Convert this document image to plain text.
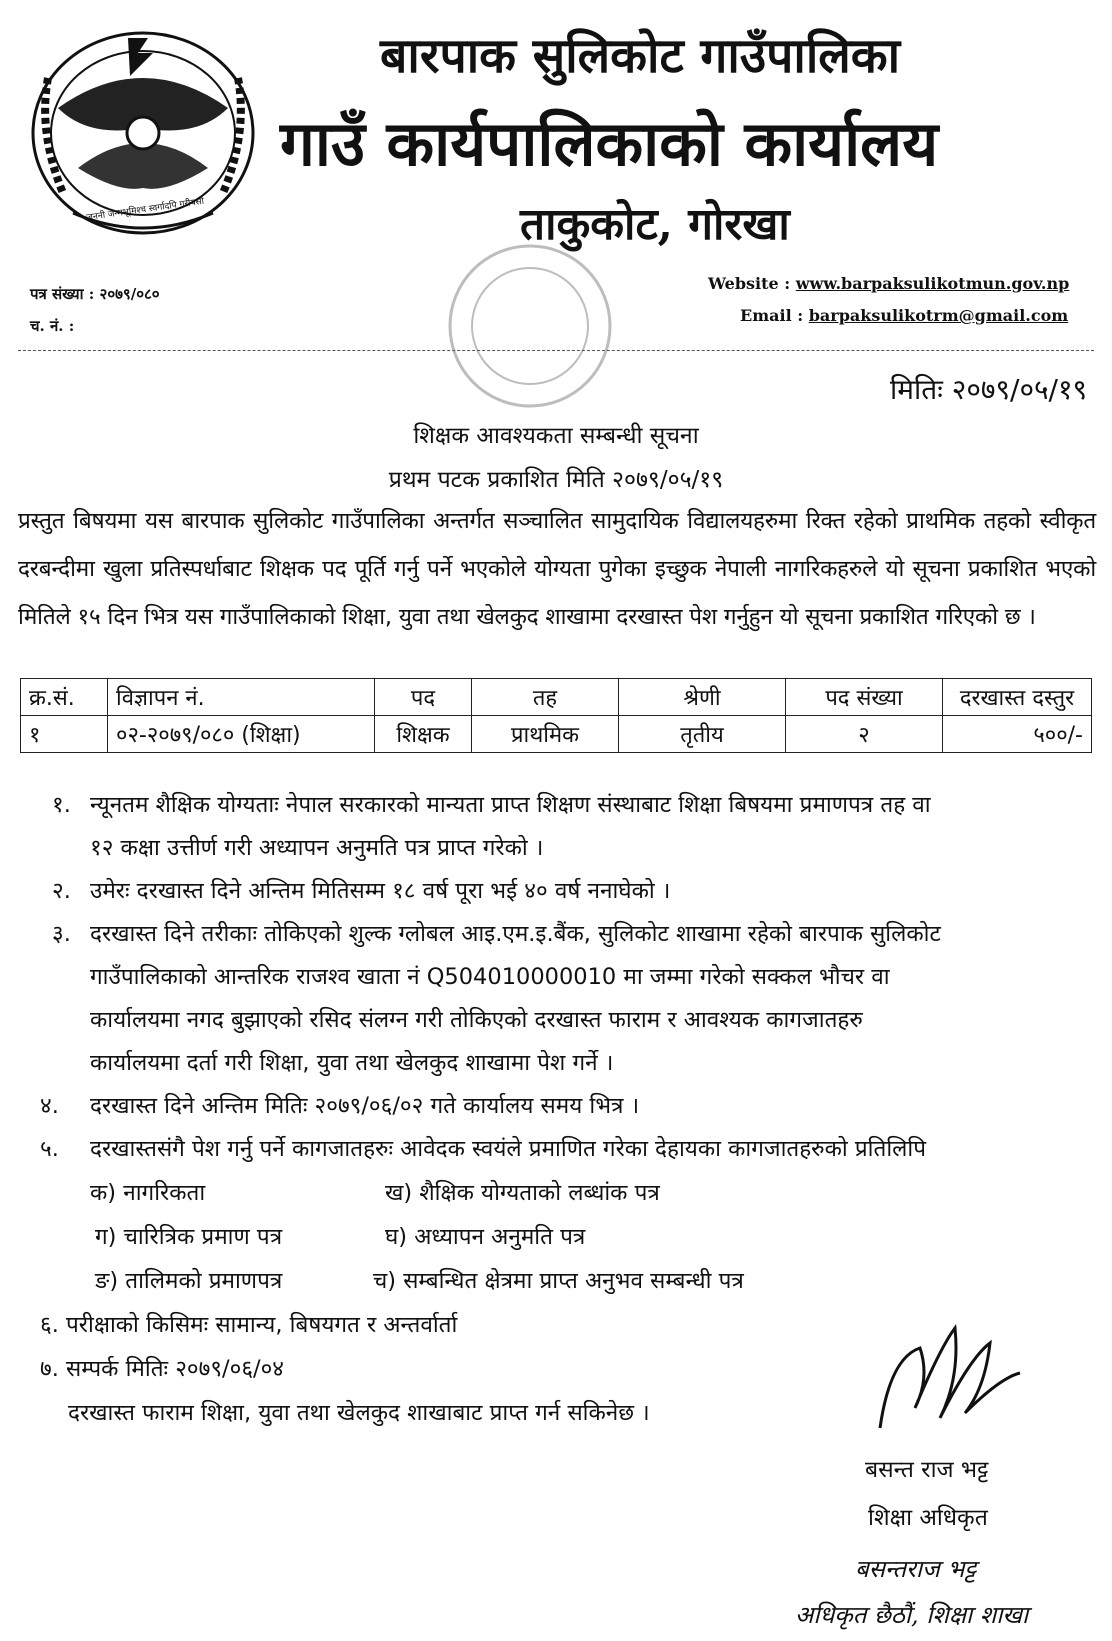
जननी जन्मभूमिश्च स्वर्गादपि गरीयसी
बारपाक सुलिकोट गाउँपालिका
गाउँ कार्यपालिकाको कार्यालय
ताकुकोट, गोरखा
पत्र संख्या : २०७९/०८०
च. नं. :
Website : www.barpaksulikotmun.gov.np
Email : barpaksulikotrm@gmail.com
मितिः २०७९/०५/१९
शिक्षक आवश्यकता सम्बन्धी सूचना
प्रथम पटक प्रकाशित मिति २०७९/०५/१९
प्रस्तुत बिषयमा यस बारपाक सुलिकोट गाउँपालिका अन्तर्गत सञ्चालित सामुदायिक विद्यालयहरुमा रिक्त रहेको प्राथमिक तहको स्वीकृत दरबन्दीमा खुला प्रतिस्पर्धाबाट शिक्षक पद पूर्ति गर्नु पर्ने भएकोले योग्यता पुगेका इच्छुक नेपाली नागरिकहरुले यो सूचना प्रकाशित भएको मितिले १५ दिन भित्र यस गाउँपालिकाको शिक्षा, युवा तथा खेलकुद शाखामा दरखास्त पेश गर्नुहुन यो सूचना प्रकाशित गरिएको छ ।
क्र.सं.	विज्ञापन नं.	पद	तह	श्रेणी	पद संख्या	दरखास्त दस्तुर
१	०२-२०७९/०८० (शिक्षा)	शिक्षक	प्राथमिक	तृतीय	२	५००/-
१. न्यूनतम शैक्षिक योग्यताः नेपाल सरकारको मान्यता प्राप्त शिक्षण संस्थाबाट शिक्षा बिषयमा प्रमाणपत्र तह वा
१२ कक्षा उत्तीर्ण गरी अध्यापन अनुमति पत्र प्राप्त गरेको ।
२. उमेरः दरखास्त दिने अन्तिम मितिसम्म १८ वर्ष पूरा भई ४० वर्ष ननाघेको ।
३. दरखास्त दिने तरीकाः तोकिएको शुल्क ग्लोबल आइ.एम.इ.बैंक, सुलिकोट शाखामा रहेको बारपाक सुलिकोट
गाउँपालिकाको आन्तरिक राजश्व खाता नं Q504010000010 मा जम्मा गरेको सक्कल भौचर वा
कार्यालयमा नगद बुझाएको रसिद संलग्न गरी तोकिएको दरखास्त फाराम र आवश्यक कागजातहरु
कार्यालयमा दर्ता गरी शिक्षा, युवा तथा खेलकुद शाखामा पेश गर्ने ।
४. दरखास्त दिने अन्तिम मितिः २०७९/०६/०२ गते कार्यालय समय भित्र ।
५. दरखास्तसंगै पेश गर्नु पर्ने कागजातहरुः आवेदक स्वयंले प्रमाणित गरेका देहायका कागजातहरुको प्रतिलिपि
क) नागरिकता	ख) शैक्षिक योग्यताको लब्धांक पत्र
ग) चारित्रिक प्रमाण पत्र	घ) अध्यापन अनुमति पत्र
ङ) तालिमको प्रमाणपत्र	च) सम्बन्धित क्षेत्रमा प्राप्त अनुभव सम्बन्धी पत्र
६. परीक्षाको किसिमः सामान्य, बिषयगत र अन्तर्वार्ता
७. सम्पर्क मितिः २०७९/०६/०४
दरखास्त फाराम शिक्षा, युवा तथा खेलकुद शाखाबाट प्राप्त गर्न सकिनेछ ।
बसन्त राज भट्ट
शिक्षा अधिकृत
बसन्तराज भट्ट
अधिकृत छैठौं, शिक्षा शाखा
